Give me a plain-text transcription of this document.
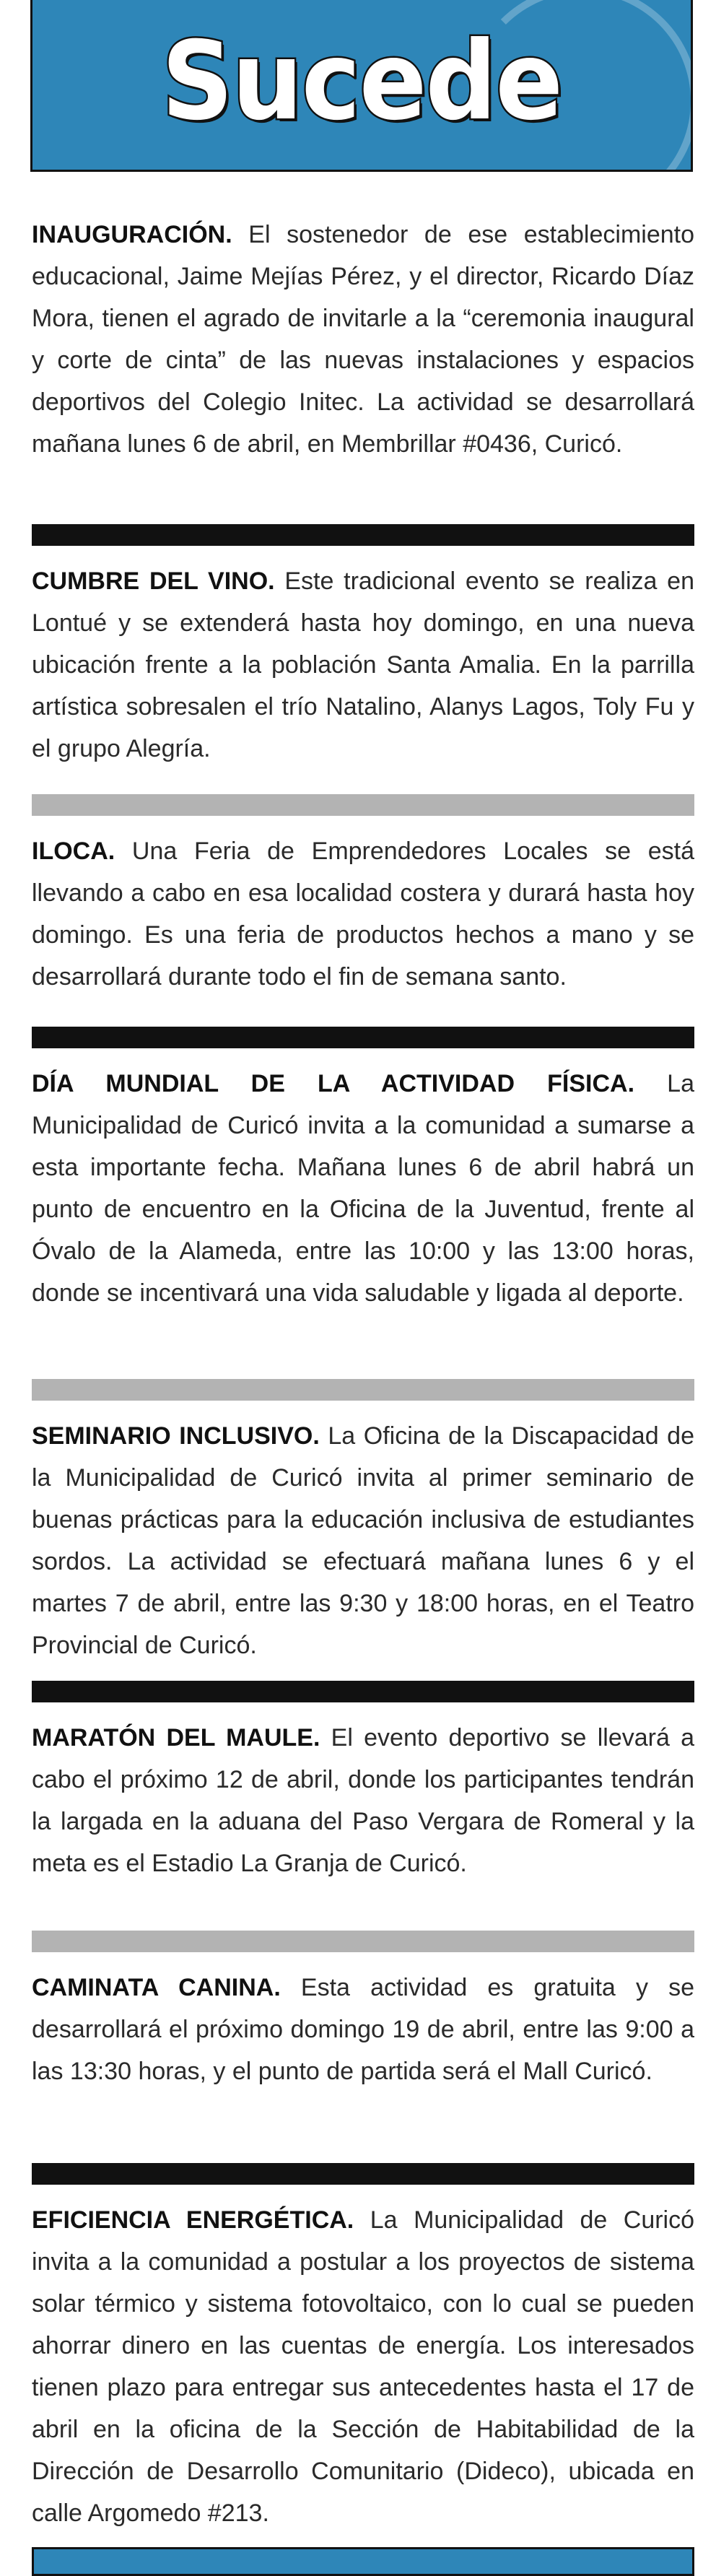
Sucede
INAUGURACIÓN. El sostenedor de ese establecimiento educacional, Jaime Mejías Pérez, y el director, Ricardo Díaz Mora, tienen el agrado de invitarle a la “ceremonia inaugural y corte de cinta” de las nuevas instalaciones y espacios deportivos del Colegio Initec. La actividad se desarrollará mañana lunes 6 de abril, en Membrillar #0436, Curicó.
CUMBRE DEL VINO. Este tradicional evento se realiza en Lontué y se extenderá hasta hoy domingo, en una nueva ubicación frente a la población Santa Amalia. En la parrilla artística sobresalen el trío Natalino, Alanys Lagos, Toly Fu y el grupo Alegría.
ILOCA. Una Feria de Emprendedores Locales se está llevando a cabo en esa localidad costera y durará hasta hoy domingo. Es una feria de productos hechos a mano y se desarrollará durante todo el fin de semana santo.
DÍA MUNDIAL DE LA ACTIVIDAD FÍSICA. La Municipalidad de Curicó invita a la comunidad a sumarse a esta importante fecha. Mañana lunes 6 de abril habrá un punto de encuentro en la Oficina de la Juventud, frente al Óvalo de la Alameda, entre las 10:00 y las 13:00 horas, donde se incentivará una vida saludable y ligada al deporte.
SEMINARIO INCLUSIVO. La Oficina de la Discapacidad de la Municipalidad de Curicó invita al primer seminario de buenas prácticas para la educación inclusiva de estudiantes sordos. La actividad se efectuará mañana lunes 6 y el martes 7 de abril, entre las 9:30 y 18:00 horas, en el Teatro Provincial de Curicó.
MARATÓN DEL MAULE. El evento deportivo se llevará a cabo el próximo 12 de abril, donde los participantes tendrán la largada en la aduana del Paso Vergara de Romeral y la meta es el Estadio La Granja de Curicó.
CAMINATA CANINA. Esta actividad es gratuita y se desarrollará el próximo domingo 19 de abril, entre las 9:00 a las 13:30 horas, y el punto de partida será el Mall Curicó.
EFICIENCIA ENERGÉTICA. La Municipalidad de Curicó invita a la comunidad a postular a los proyectos de sistema solar térmico y sistema fotovoltaico, con lo cual se pueden ahorrar dinero en las cuentas de energía. Los interesados tienen plazo para entregar sus antecedentes hasta el 17 de abril en la oficina de la Sección de Habitabilidad de la Dirección de Desarrollo Comunitario (Dideco), ubicada en calle Argomedo #213.
